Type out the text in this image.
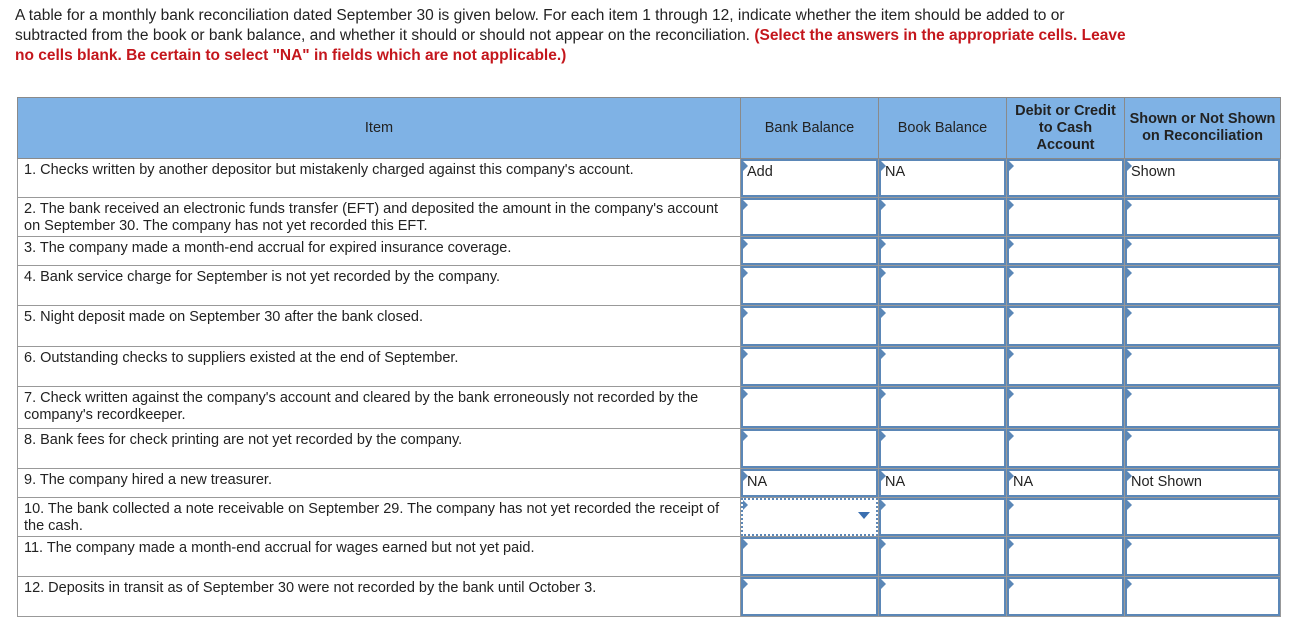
A table for a monthly bank reconciliation dated September 30 is given below. For each item 1 through 12, indicate whether the item should be added to or subtracted from the book or bank balance, and whether it should or should not appear on the reconciliation. (Select the answers in the appropriate cells. Leave no cells blank. Be certain to select "NA" in fields which are not applicable.)
Item	Bank Balance	Book Balance	Debit or Credit to Cash Account	Shown or Not Shown on Reconciliation
1. Checks written by another depositor but mistakenly charged against this company's account.	Add	NA		Shown

2. The bank received an electronic funds transfer (EFT) and deposited the amount in the company's account on September 30. The company has not yet recorded this EFT.	

3. The company made a month-end accrual for expired insurance coverage.	

4. Bank service charge for September is not yet recorded by the company.	

5. Night deposit made on September 30 after the bank closed.	

6. Outstanding checks to suppliers existed at the end of September.	

7. Check written against the company's account and cleared by the bank erroneously not recorded by the company's recordkeeper.	

8. Bank fees for check printing are not yet recorded by the company.	

9. The company hired a new treasurer.	NA	NA	NA	Not Shown

10. The bank collected a note receivable on September 29. The company has not yet recorded the receipt of the cash.	

11. The company made a month-end accrual for wages earned but not yet paid.	

12. Deposits in transit as of September 30 were not recorded by the bank until October 3.	
